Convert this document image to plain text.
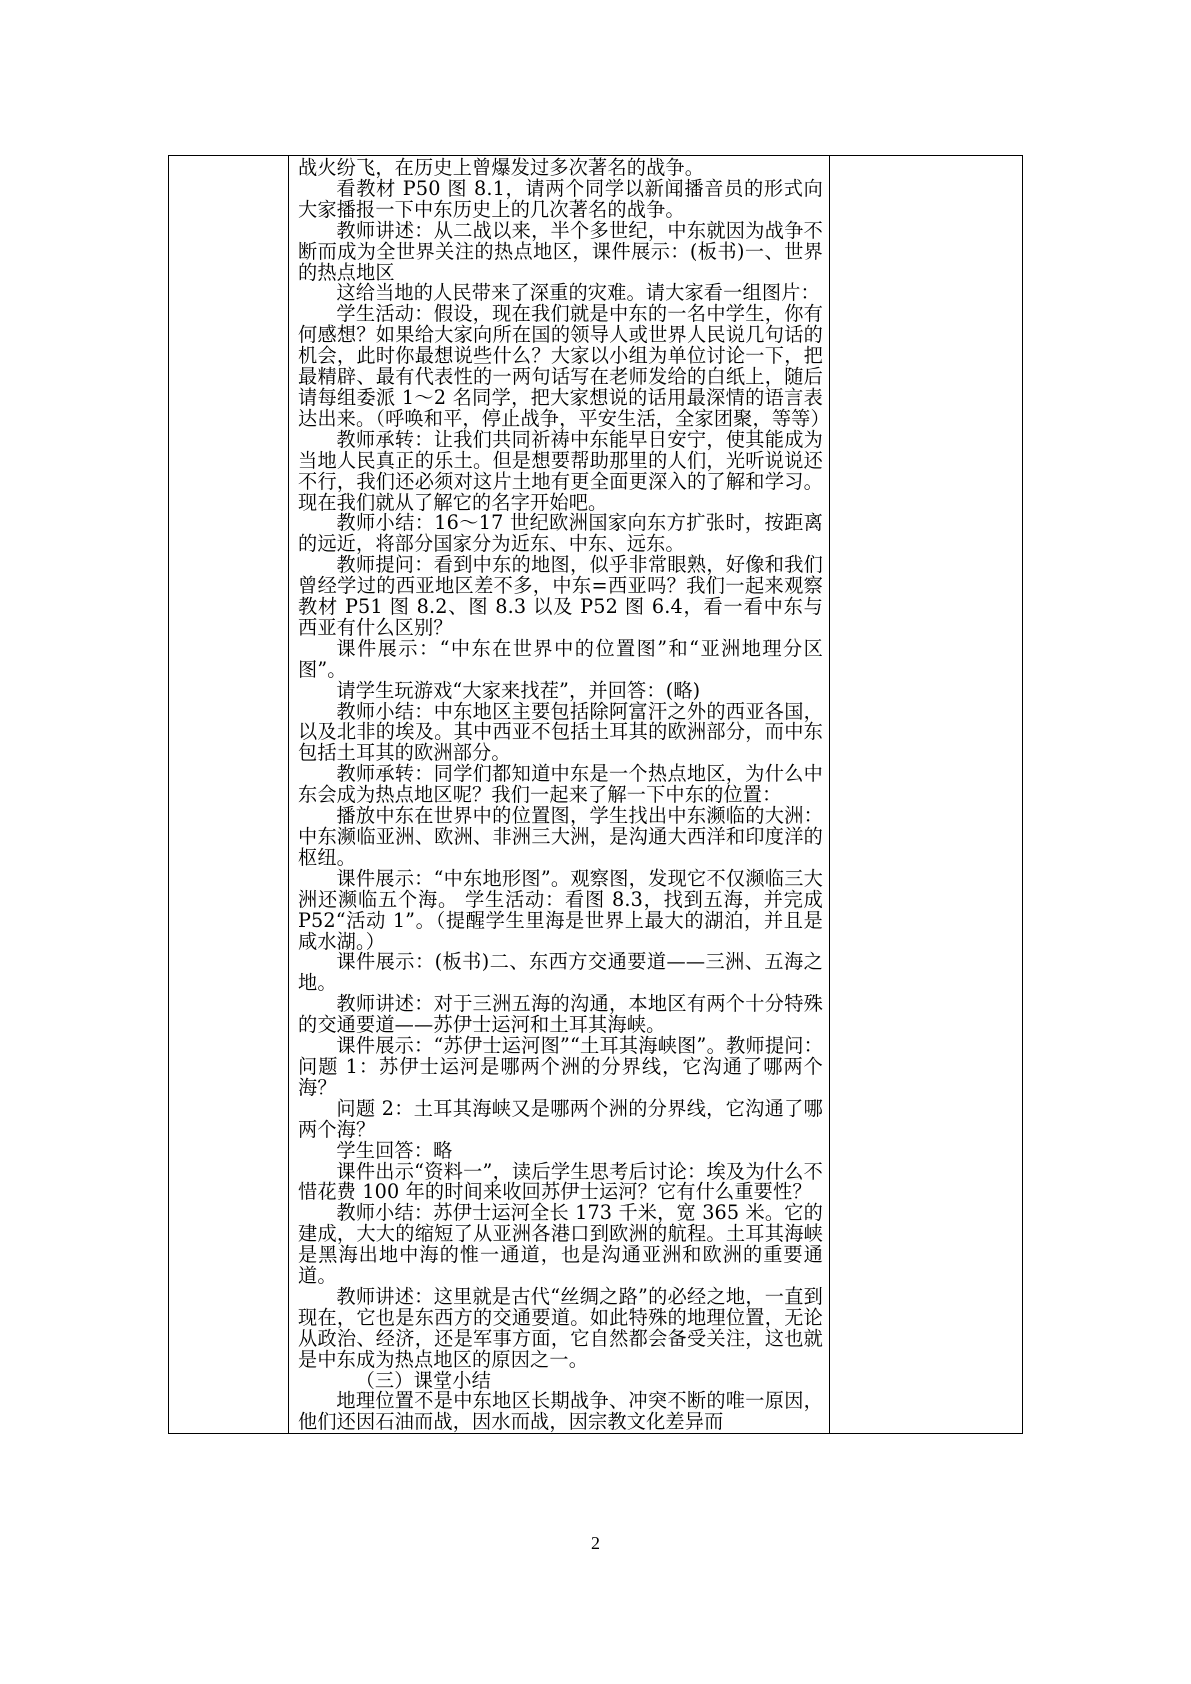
战火纷飞，在历史上曾爆发过多次著名的战争。

看教材 P50 图 8.1，请两个同学以新闻播音员的形式向大家播报一下中东历史上的几次著名的战争。

教师讲述：从二战以来，半个多世纪，中东就因为战争不断而成为全世界关注的热点地区，课件展示：(板书)一、世界的热点地区

这给当地的人民带来了深重的灾难。请大家看一组图片：

学生活动：假设，现在我们就是中东的一名中学生，你有何感想？如果给大家向所在国的领导人或世界人民说几句话的机会，此时你最想说些什么？大家以小组为单位讨论一下，把最精辟、最有代表性的一两句话写在老师发给的白纸上，随后请每组委派 1～2 名同学，把大家想说的话用最深情的语言表达出来。（呼唤和平，停止战争，平安生活，全家团聚，等等）

教师承转：让我们共同祈祷中东能早日安宁，使其能成为当地人民真正的乐土。但是想要帮助那里的人们，光听说说还不行，我们还必须对这片土地有更全面更深入的了解和学习。现在我们就从了解它的名字开始吧。

教师小结：16～17 世纪欧洲国家向东方扩张时，按距离的远近，将部分国家分为近东、中东、远东。

教师提问：看到中东的地图，似乎非常眼熟，好像和我们曾经学过的西亚地区差不多，中东=西亚吗？我们一起来观察教材 P51 图 8.2、图 8.3 以及 P52 图 6.4，看一看中东与西亚有什么区别？

课件展示：“中东在世界中的位置图”和“亚洲地理分区图”。

请学生玩游戏“大家来找茬”，并回答：(略)

教师小结：中东地区主要包括除阿富汗之外的西亚各国，以及北非的埃及。其中西亚不包括土耳其的欧洲部分，而中东包括土耳其的欧洲部分。

教师承转：同学们都知道中东是一个热点地区，为什么中东会成为热点地区呢？我们一起来了解一下中东的位置：

播放中东在世界中的位置图，学生找出中东濒临的大洲：中东濒临亚洲、欧洲、非洲三大洲，是沟通大西洋和印度洋的枢纽。

课件展示：“中东地形图”。观察图，发现它不仅濒临三大洲还濒临五个海。 学生活动：看图 8.3，找到五海，并完成 P52“活动 1”。（提醒学生里海是世界上最大的湖泊，并且是咸水湖。）

课件展示：(板书)二、东西方交通要道——三洲、五海之地。

教师讲述：对于三洲五海的沟通，本地区有两个十分特殊的交通要道——苏伊士运河和土耳其海峡。

课件展示：“苏伊士运河图”“土耳其海峡图”。教师提问：问题 1：苏伊士运河是哪两个洲的分界线，它沟通了哪两个海？

问题 2：土耳其海峡又是哪两个洲的分界线，它沟通了哪两个海？

学生回答：略

课件出示“资料一”，读后学生思考后讨论：埃及为什么不惜花费 100 年的时间来收回苏伊士运河？它有什么重要性？

教师小结：苏伊士运河全长 173 千米，宽 365 米。它的建成，大大的缩短了从亚洲各港口到欧洲的航程。土耳其海峡是黑海出地中海的惟一通道，也是沟通亚洲和欧洲的重要通道。

教师讲述：这里就是古代“丝绸之路”的必经之地，一直到现在，它也是东西方的交通要道。如此特殊的地理位置，无论从政治、经济，还是军事方面，它自然都会备受关注，这也就是中东成为热点地区的原因之一。

（三）课堂小结

地理位置不是中东地区长期战争、冲突不断的唯一原因，他们还因石油而战，因水而战，因宗教文化差异而

2
